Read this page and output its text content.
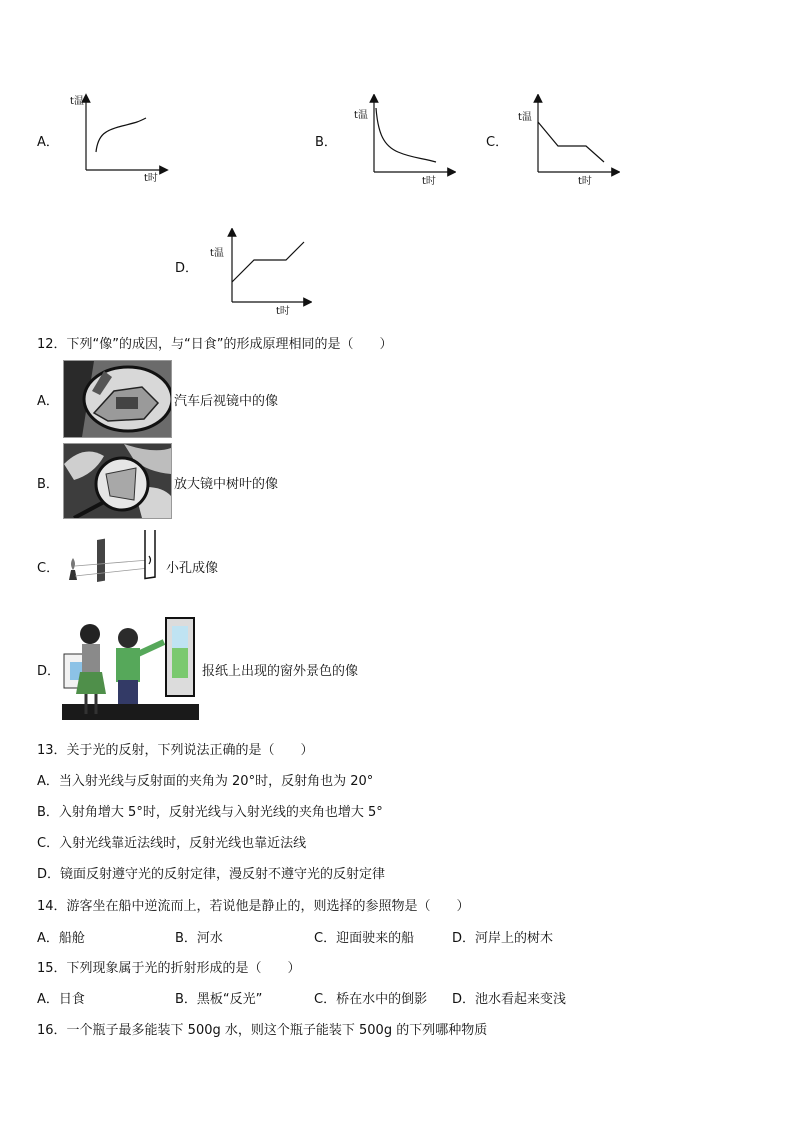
A．
t温
t时
B．
t温
t时
C．
t温
t时
D．
t温
t时
12．下列“像”的成因，与“日食”的形成原理相同的是（　　）
A．	汽车后视镜中的像
B．	放大镜中树叶的像
C．	小孔成像
D．	报纸上出现的窗外景色的像
13．关于光的反射，下列说法正确的是（　　）
A．当入射光线与反射面的夹角为 20°时，反射角也为 20°
B．入射角增大 5°时，反射光线与入射光线的夹角也增大 5°
C．入射光线靠近法线时，反射光线也靠近法线
D．镜面反射遵守光的反射定律，漫反射不遵守光的反射定律
14．游客坐在船中逆流而上，若说他是静止的，则选择的参照物是（　　）
A．船舱	B．河水	C．迎面驶来的船	D．河岸上的树木
15．下列现象属于光的折射形成的是（　　）
A．日食	B．黑板“反光”	C．桥在水中的倒影 D．池水看起来变浅
16．一个瓶子最多能装下 500g 水，则这个瓶子能装下 500g 的下列哪种物质
